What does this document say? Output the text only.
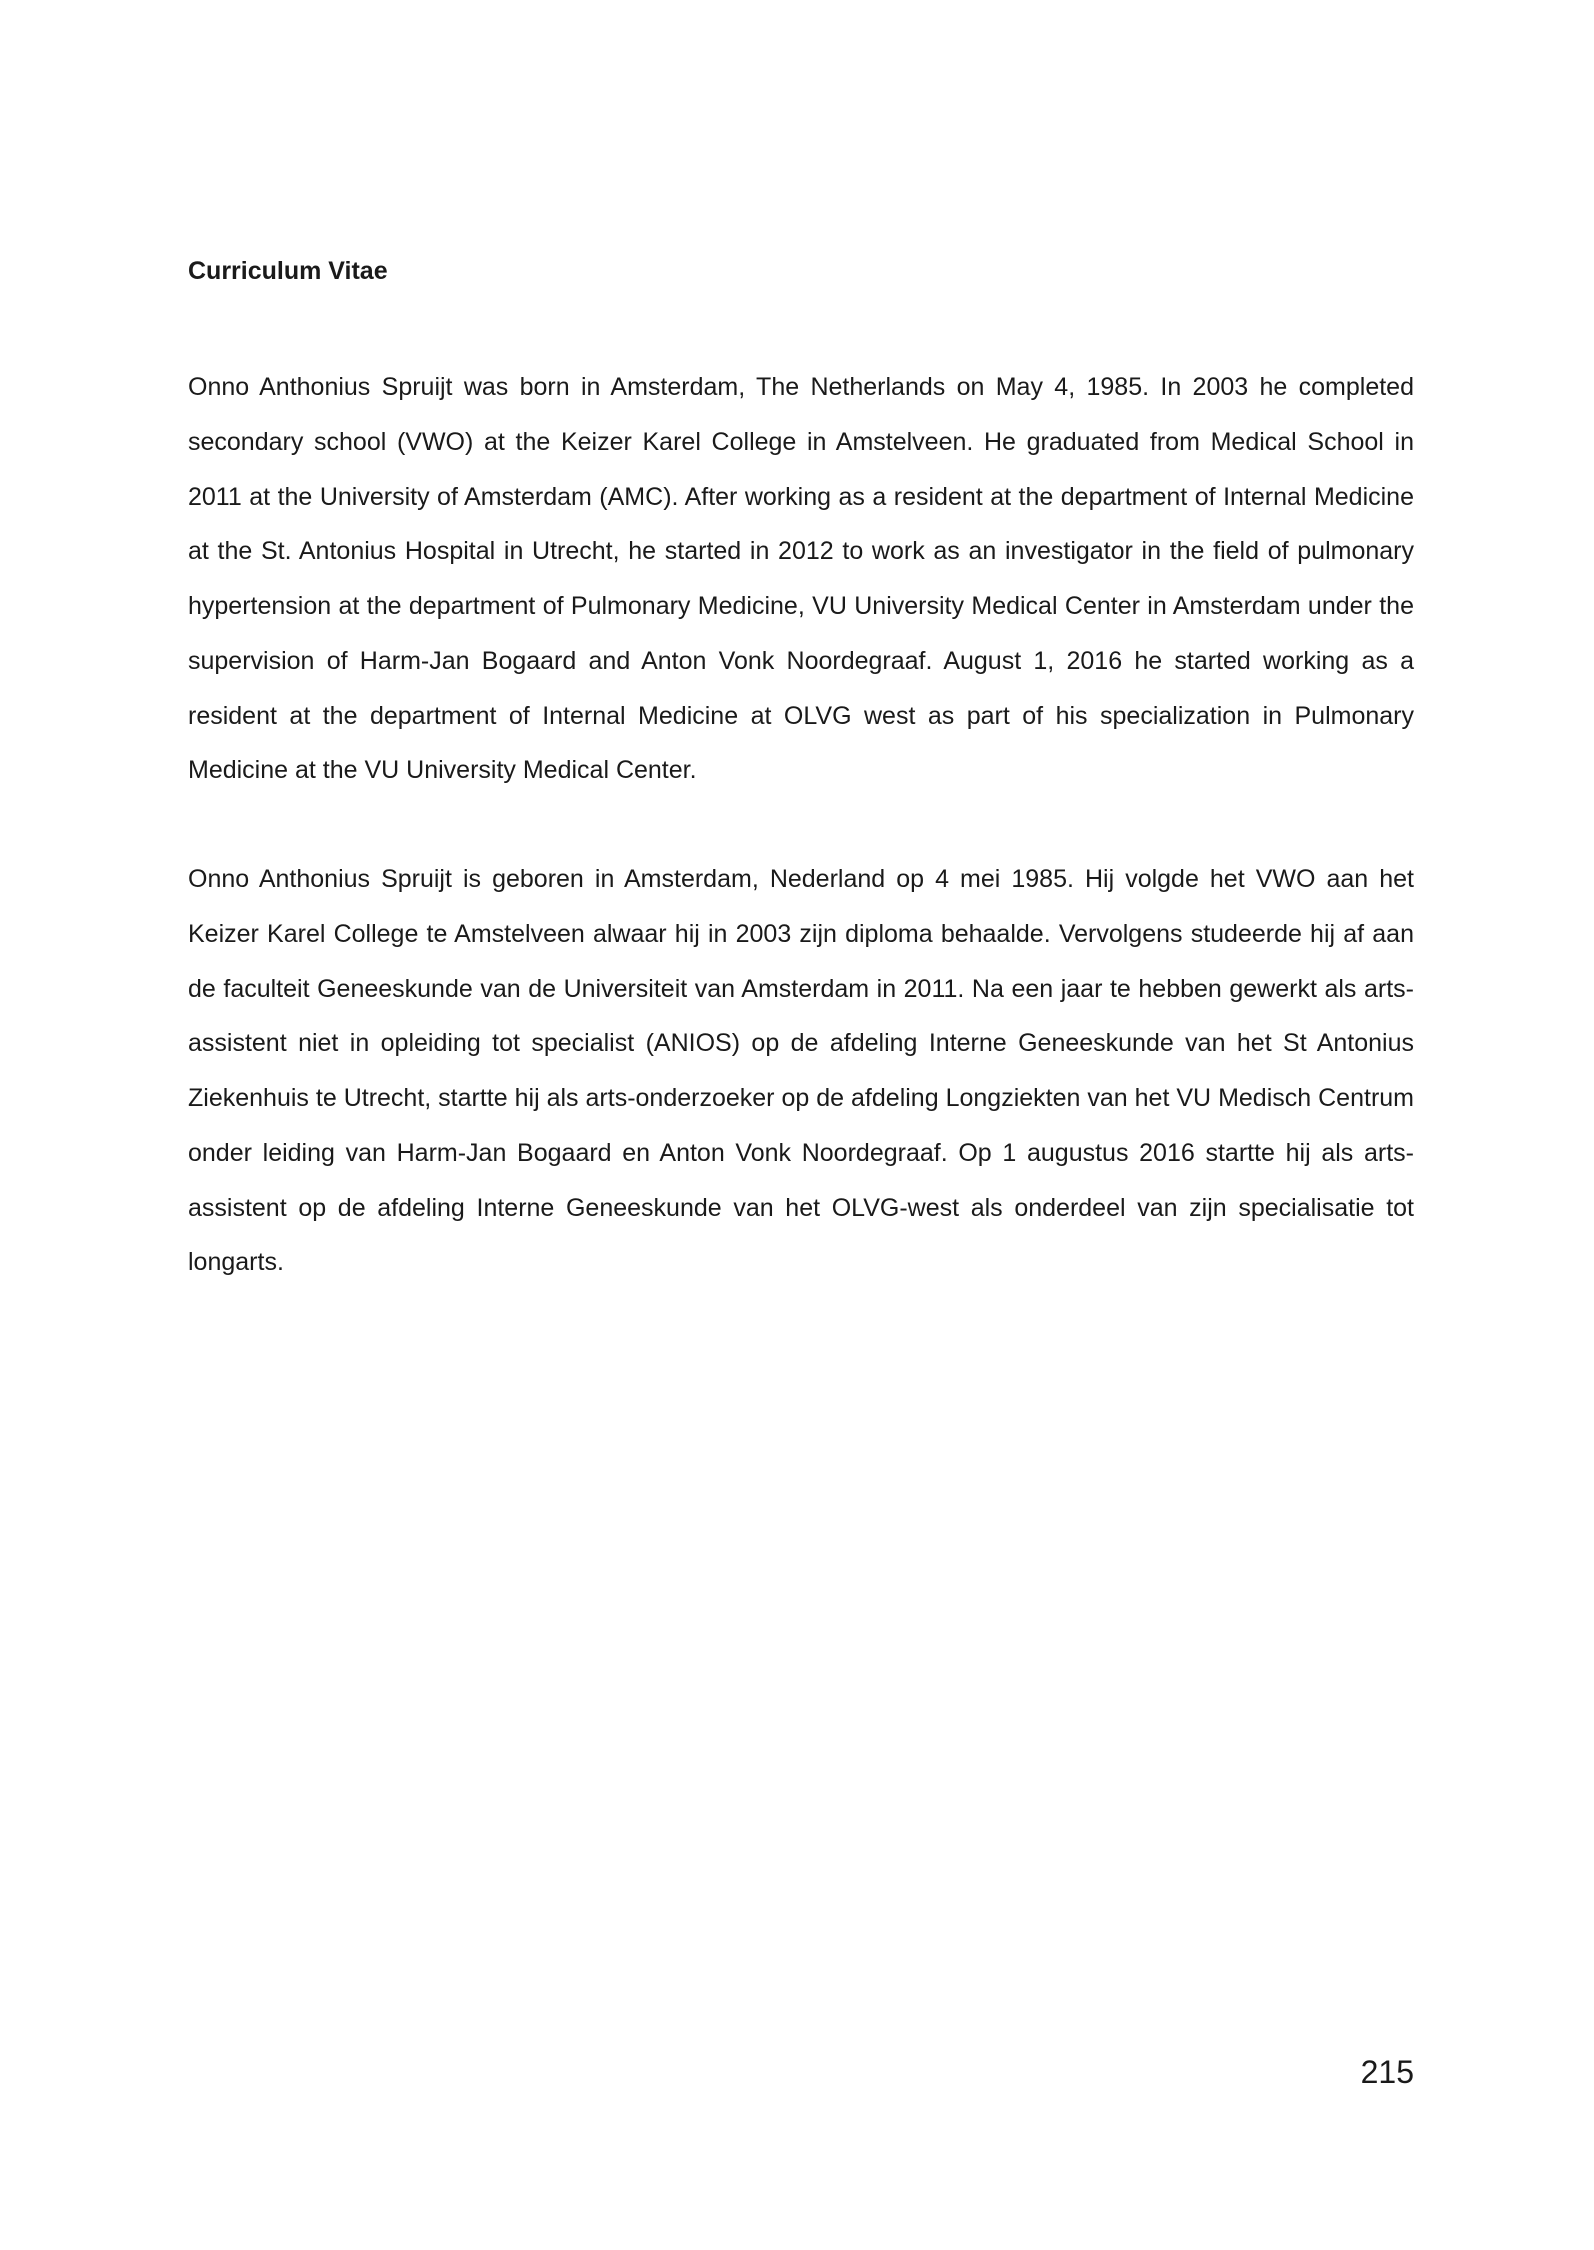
Curriculum Vitae

Onno Anthonius Spruijt was born in Amsterdam, The Netherlands on May 4, 1985. In 2003 he completed secondary school (VWO) at the Keizer Karel College in Amstelveen. He graduated from Medical School in 2011 at the University of Amsterdam (AMC). After working as a resident at the department of Internal Medicine at the St. Antonius Hospital in Utrecht, he started in 2012 to work as an investigator in the field of pulmonary hypertension at the department of Pulmonary Medicine, VU University Medical Center in Amsterdam under the supervision of Harm-Jan Bogaard and Anton Vonk Noordegraaf. August 1, 2016 he started working as a resident at the department of Internal Medicine at OLVG west as part of his specialization in Pulmonary Medicine at the VU University Medical Center.

Onno Anthonius Spruijt is geboren in Amsterdam, Nederland op 4 mei 1985. Hij volgde het VWO aan het Keizer Karel College te Amstelveen alwaar hij in 2003 zijn diploma behaalde. Vervolgens studeerde hij af aan de faculteit Geneeskunde van de Universiteit van Amsterdam in 2011. Na een jaar te hebben gewerkt als arts-assistent niet in opleiding tot specialist (ANIOS) op de afdeling Interne Geneeskunde van het St Antonius Ziekenhuis te Utrecht, startte hij als arts-onderzoeker op de afdeling Longziekten van het VU Medisch Centrum onder leiding van Harm-Jan Bogaard en Anton Vonk Noordegraaf. Op 1 augustus 2016 startte hij als arts-assistent op de afdeling Interne Geneeskunde van het OLVG-west als onderdeel van zijn specialisatie tot longarts.

215
